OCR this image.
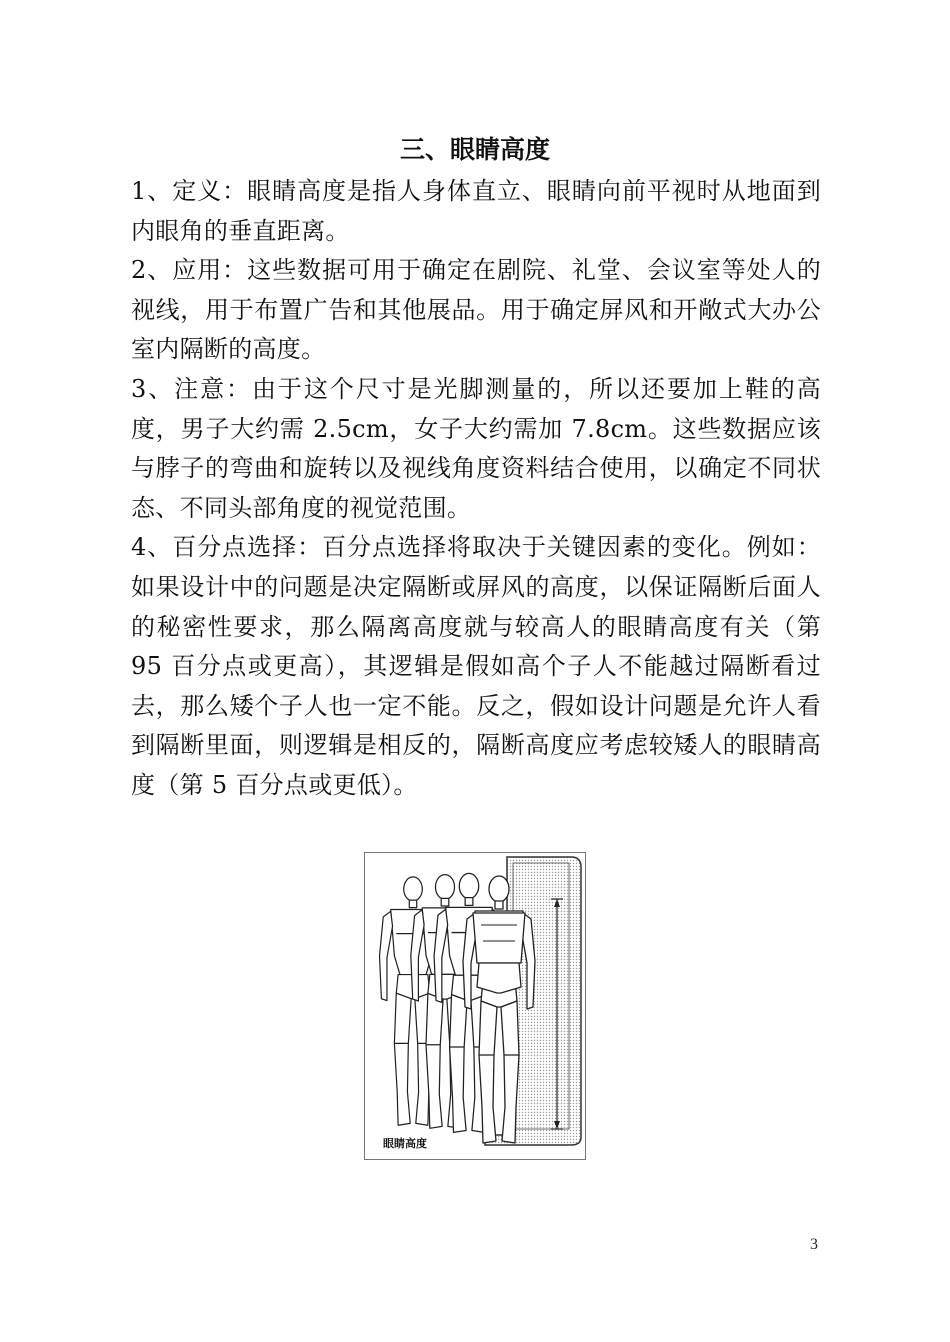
三、眼睛高度

1、定义：眼睛高度是指人身体直立、眼睛向前平视时从地面到内眼角的垂直距离。

2、应用：这些数据可用于确定在剧院、礼堂、会议室等处人的视线，用于布置广告和其他展品。用于确定屏风和开敞式大办公室内隔断的高度。

3、注意：由于这个尺寸是光脚测量的，所以还要加上鞋的高度，男子大约需 2.5cm，女子大约需加 7.8cm。这些数据应该与脖子的弯曲和旋转以及视线角度资料结合使用，以确定不同状态、不同头部角度的视觉范围。

4、百分点选择：百分点选择将取决于关键因素的变化。例如：如果设计中的问题是决定隔断或屏风的高度，以保证隔断后面人的秘密性要求，那么隔离高度就与较高人的眼睛高度有关（第 95 百分点或更高），其逻辑是假如高个子人不能越过隔断看过去，那么矮个子人也一定不能。反之，假如设计问题是允许人看到隔断里面，则逻辑是相反的，隔断高度应考虑较矮人的眼睛高度（第 5 百分点或更低）。

眼睛高度
3
